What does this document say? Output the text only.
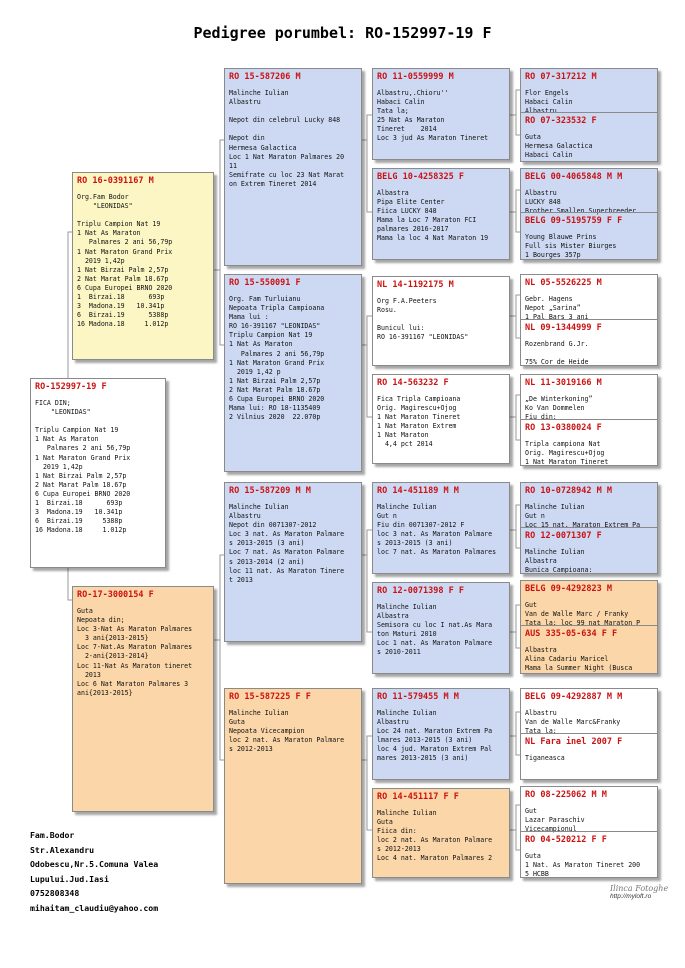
Pedigree porumbel: RO-152997-19 F
RO-152997-19 F
FICA DIN;
"LEONIDAS"

Triplu Campion Nat 19
1 Nat As Maraton
Palmares 2 ani 56,79p
1 Nat Maraton Grand Prix
2019 1,42p
1 Nat Birzai Palm 2,57p
2 Nat Marat Palm 18.67p
6 Cupa Europei BRNO 2020
1  Birzai.18      693p
3  Madona.19   10.341p
6  Birzai.19     5388p
16 Madona.18     1.012p
RO 16-0391167 M
Org.Fam Bodor
"LEONIDAS"

Triplu Campion Nat 19
1 Nat As Maraton
Palmares 2 ani 56,79p
1 Nat Maraton Grand Prix
2019 1,42p
1 Nat Birzai Palm 2,57p
2 Nat Marat Palm 18.67p
6 Cupa Europei BRNO 2020
1  Birzai.18      693p
3  Madona.19   10.341p
6  Birzai.19      5388p
16 Madona.18     1.012p
RO-17-3000154 F
Guta
Nepoata din;
Loc 3-Nat As Maraton Palmares
3 ani{2013-2015}
Loc 7-Nat.As Maraton Palmares
2-ani{2013-2014}
Loc 11-Nat As Maraton tineret
2013
Loc 6 Nat Maraton Palmares 3
ani{2013-2015}
RO 15-587206 M
Malinche Iulian
Albastru

Nepot din celebrul Lucky 848

Nepot din
Hermesa Galactica
Loc 1 Nat Maraton Palmares 20
11
Semifrate cu loc 23 Nat Marat
on Extrem Tineret 2014
RO 15-550091 F
Org. Fam Turluianu
Nepoata Tripla Campioana
Mama lui :
RO 16-391167 "LEONIDAS"
Triplu Campion Nat 19
1 Nat As Maraton
Palmares 2 ani 56,79p
1 Nat Maraton Grand Prix
2019 1,42 p
1 Nat Birzai Palm 2,57p
2 Nat Marat Palm 18.67p
6 Cupa Europei BRNO 2020
Mama lui: RO 18-1135409
2 Vilnius 2020  22.070p
RO 15-587209 M M
Malinche Iulian
Albastru
Nepot din 0071307-2012
Loc 3 nat. As Maraton Palmare
s 2013-2015 (3 ani)
Loc 7 nat. As Maraton Palmare
s 2013-2014 (2 ani)
loc 11 nat. As Maraton Tinere
t 2013
RO 15-587225 F F
Malinche Iulian
Guta
Nepoata Vicecampion
loc 2 nat. As Maraton Palmare
s 2012-2013
RO 11-0559999 M
Albastru,.Chioru''
Habaci Calin
Tata la;
25 Nat As Maraton
Tineret    2014
Loc 3 jud As Maraton Tineret
BELG 10-4258325 F
Albastra
Pipa Elite Center
Fiica LUCKY 848
Mama la Loc 7 Maraton FCI
palmares 2016-2017
Mama la loc 4 Nat Maraton 19
NL 14-1192175 M
Org F.A.Peeters
Rosu.

Bunicul lui:
RO 16-391167 "LEONIDAS"
RO 14-563232 F
Fica Tripla Campioana
Orig. Magirescu+Ojog
1 Nat Maraton Tineret
1 Nat Maraton Extrem
1 Nat Maraton
4,4 pct 2014
RO 14-451189 M M
Malinche Iulian
Gut n
Fiu din 0071307-2012 F
loc 3 nat. As Maraton Palmare
s 2013-2015 (3 ani)
loc 7 nat. As Maraton Palmares
RO 12-0071398 F F
Malinche Iulian
Albastra
Semisora cu loc I nat.As Mara
ton Maturi 2010
Loc 1 nat. As Maraton Palmare
s 2010-2011
RO 11-579455 M M
Malinche Iulian
Albastru
Loc 24 nat. Maraton Extrem Pa
lmares 2013-2015 (3 ani)
loc 4 jud. Maraton Extrem Pal
mares 2013-2015 (3 ani)
RO 14-451117 F F
Malinche Iulian
Guta
Fiica din:
loc 2 nat. As Maraton Palmare
s 2012-2013
Loc 4 nat. Maraton Palmares 2
RO 07-317212 M
Flor Engels
Habaci Calin
Albastru
RO 07-323532 F
Guta
Hermesa Galactica
Habaci Calin
BELG 00-4065848 M M
Albastru
LUCKY 848
Brother Smallen Superbreeder
BELG 09-5195759 F F
Young Blauwe Prins
Full sis Mister Biurges
1 Bourges 357p
NL 05-5526225 M
Gebr. Hagens
Nepot „Sarina”
1 Pal Bars 3 ani
NL 09-1344999 F
Rozenbrand G.Jr.

75% Cor de Heide
NL 11-3019166 M
„De Winterkoning”
Ko Van Dommelen
Fiu din:
RO 13-0380024 F
Tripla campiona Nat
Orig. Magirescu+Ojog
1 Nat Maraton Tineret
RO 10-0728942 M M
Malinche Iulian
Gut n
Loc 15 nat. Maraton Extrem Pa
RO 12-0071307 F
Malinche Iulian
Albastra
Bunica Campioana:
BELG 09-4292823 M
Gut
Van de Walle Marc / Franky
Tata la: loc 99 nat Maraton P
AUS 335-05-634 F F
Albastra
Alina Cadariu Maricel
Mama la Summer Night (Busca
BELG 09-4292887 M M
Albastru
Van de Walle Marc&Franky
Tata la:
NL Fara inel 2007 F
Tiganeasca
RO 08-225062 M M
Gut
Lazar Paraschiv
Vicecampionul
RO 04-520212 F F
Guta
1 Nat. As Maraton Tineret 200
5 HCBB
Fam.Bodor
Str.Alexandru
Odobescu,Nr.5.Comuna Valea
Lupului.Jud.Iasi
0752808348
mihaitam_claudiu@yahoo.com
Ilinca Fotoghe
http://myloft.ro
